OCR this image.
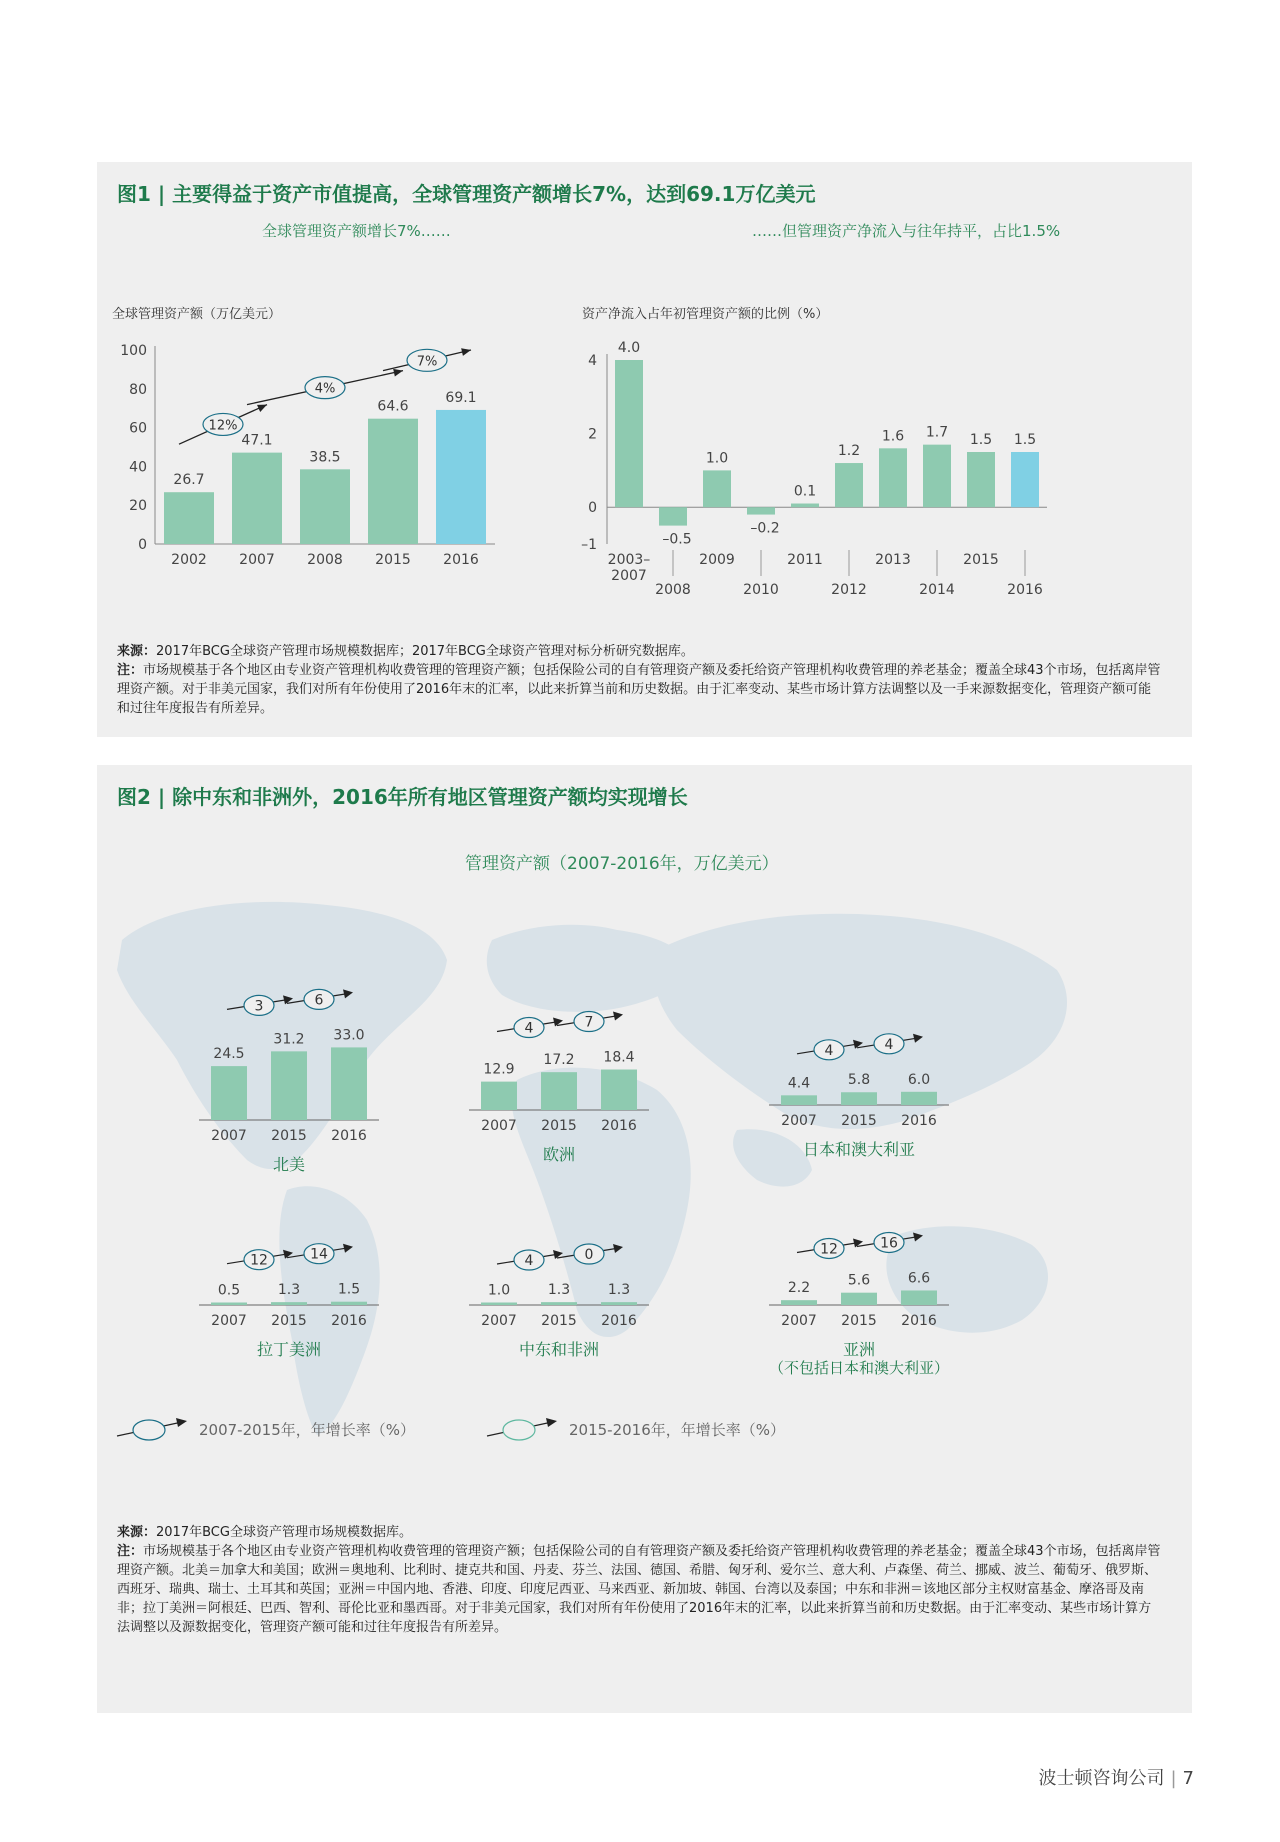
图1 | 主要得益于资产市值提高，全球管理资产额增长7%，达到69.1万亿美元
全球管理资产额增长7%……	……但管理资产净流入与往年持平，占比1.5%
全球管理资产额（万亿美元）
0
20
40
60
80
100
26.7
2002
47.1
2007
38.5
2008
64.6
2015
69.1
2016
12%
4%
7%
资产净流入占年初管理资产额的比例（%）
–1
0
2
4
4.0
2003–
2007
–0.5
2008
1.0
2009
–0.2
2010
0.1
2011
1.2
2012
1.6
2013
1.7
2014
1.5
2015
1.5
2016

来源：2017年BCG全球资产管理市场规模数据库；2017年BCG全球资产管理对标分析研究数据库。

注：市场规模基于各个地区由专业资产管理机构收费管理的管理资产额；包括保险公司的自有管理资产额及委托给资产管理机构收费管理的养老基金；覆盖全球43个市场，包括离岸管理资产额。对于非美元国家，我们对所有年份使用了2016年末的汇率，以此来折算当前和历史数据。由于汇率变动、某些市场计算方法调整以及一手来源数据变化，管理资产额可能和过往年度报告有所差异。

图2 | 除中东和非洲外，2016年所有地区管理资产额均实现增长
管理资产额（2007-2016年，万亿美元）
24.5
2007
31.2
2015
33.0
2016
3	6
北美
12.9
2007
17.2
2015
18.4
2016
4	7
欧洲
4.4
2007
5.8
2015
6.0
2016
4	4
日本和澳大利亚
0.5
2007
1.3
2015
1.5
2016
12	14
拉丁美洲
1.0
2007
1.3
2015
1.3
2016
4	0
中东和非洲
2.2
2007
5.6
2015
6.6
2016
12	16
亚洲
（不包括日本和澳大利亚）
2007-2015年，年增长率（%）	2015-2016年，年增长率（%）

来源：2017年BCG全球资产管理市场规模数据库。

注：市场规模基于各个地区由专业资产管理机构收费管理的管理资产额；包括保险公司的自有管理资产额及委托给资产管理机构收费管理的养老基金；覆盖全球43个市场，包括离岸管理资产额。北美＝加拿大和美国；欧洲＝奥地利、比利时、捷克共和国、丹麦、芬兰、法国、德国、希腊、匈牙利、爱尔兰、意大利、卢森堡、荷兰、挪威、波兰、葡萄牙、俄罗斯、西班牙、瑞典、瑞士、土耳其和英国；亚洲＝中国内地、香港、印度、印度尼西亚、马来西亚、新加坡、韩国、台湾以及泰国；中东和非洲＝该地区部分主权财富基金、摩洛哥及南非；拉丁美洲＝阿根廷、巴西、智利、哥伦比亚和墨西哥。对于非美元国家，我们对所有年份使用了2016年末的汇率，以此来折算当前和历史数据。由于汇率变动、某些市场计算方法调整以及源数据变化，管理资产额可能和过往年度报告有所差异。

波士顿咨询公司 | 7
